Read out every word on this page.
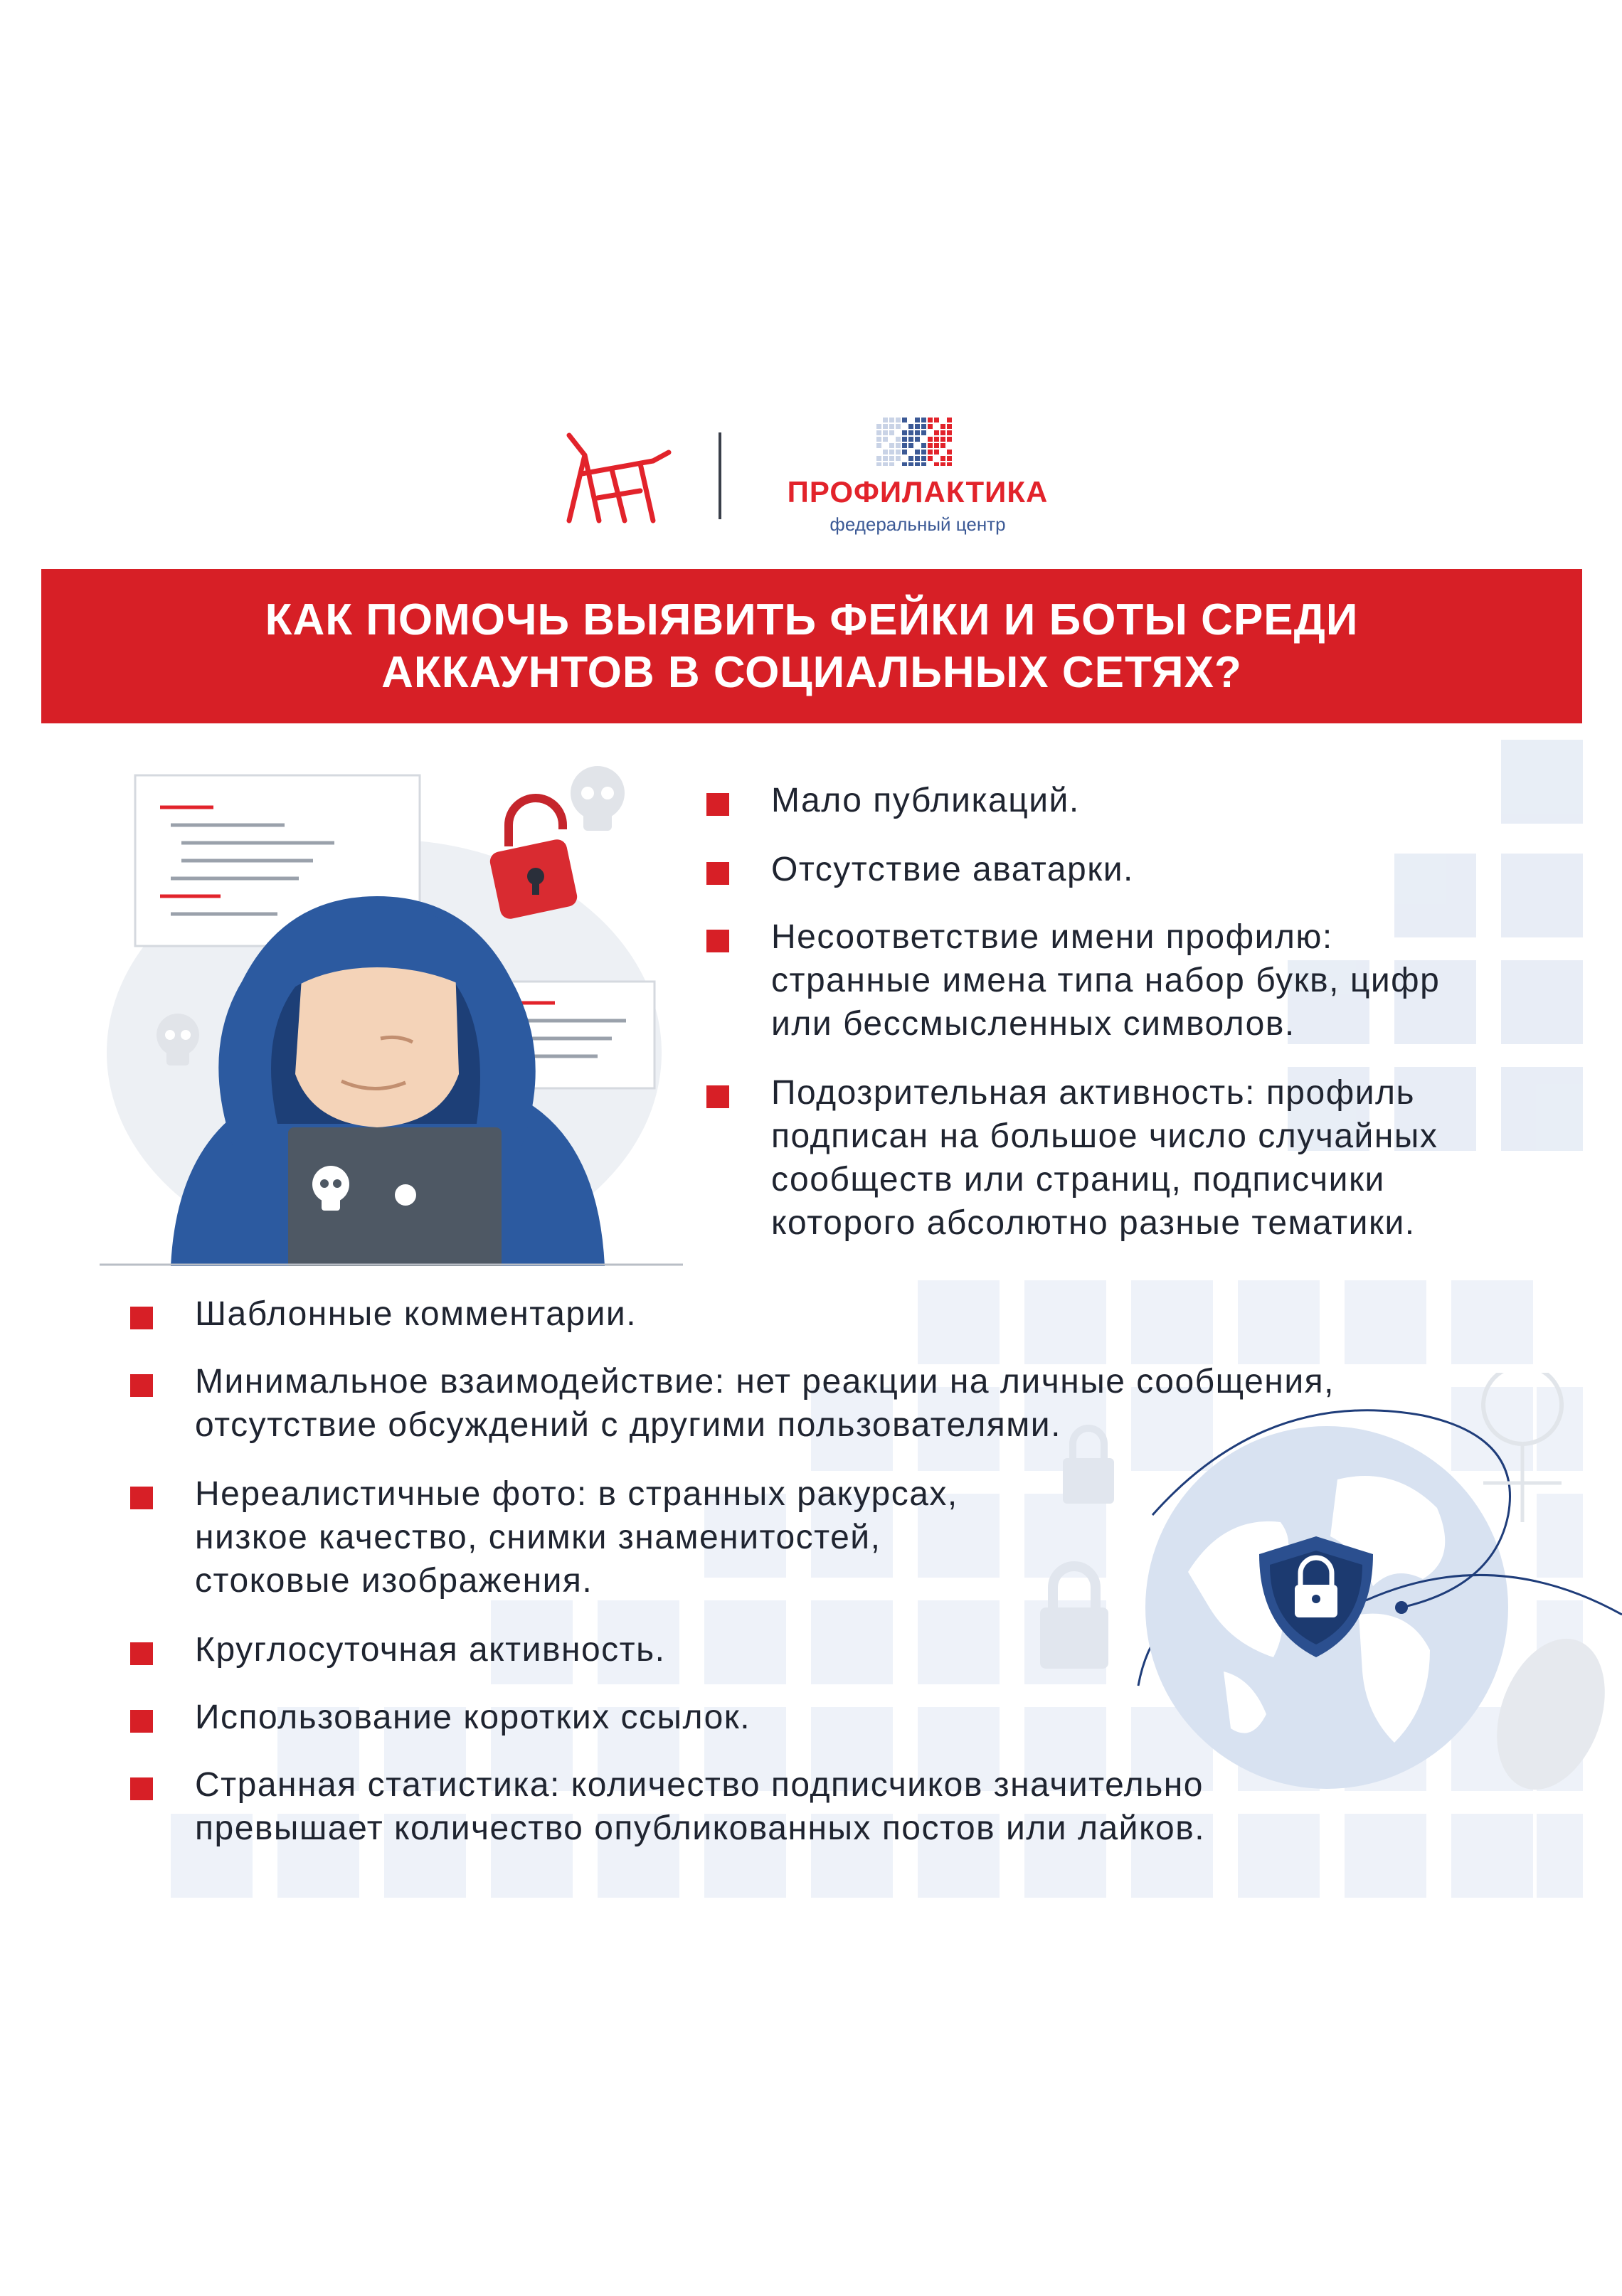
ПРОФИЛАКТИКА
федеральный центр
КАК ПОМОЧЬ ВЫЯВИТЬ ФЕЙКИ И БОТЫ СРЕДИ
АККАУНТОВ В СОЦИАЛЬНЫХ СЕТЯХ?
Мало публикаций.
Отсутствие аватарки.
Несоответствие имени профилю:
странные имена типа набор букв, цифр
или бессмысленных символов.
Подозрительная активность: профиль
подписан на большое число случайных
сообществ или страниц, подписчики
которого абсолютно разные тематики.
Шаблонные комментарии.
Минимальное взаимодействие: нет реакции на личные сообщения,
отсутствие обсуждений с другими пользователями.
Нереалистичные фото: в странных ракурсах,
низкое качество, снимки знаменитостей,
стоковые изображения.
Круглосуточная активность.
Использование коротких ссылок.
Странная статистика: количество подписчиков значительно
превышает количество опубликованных постов или лайков.
